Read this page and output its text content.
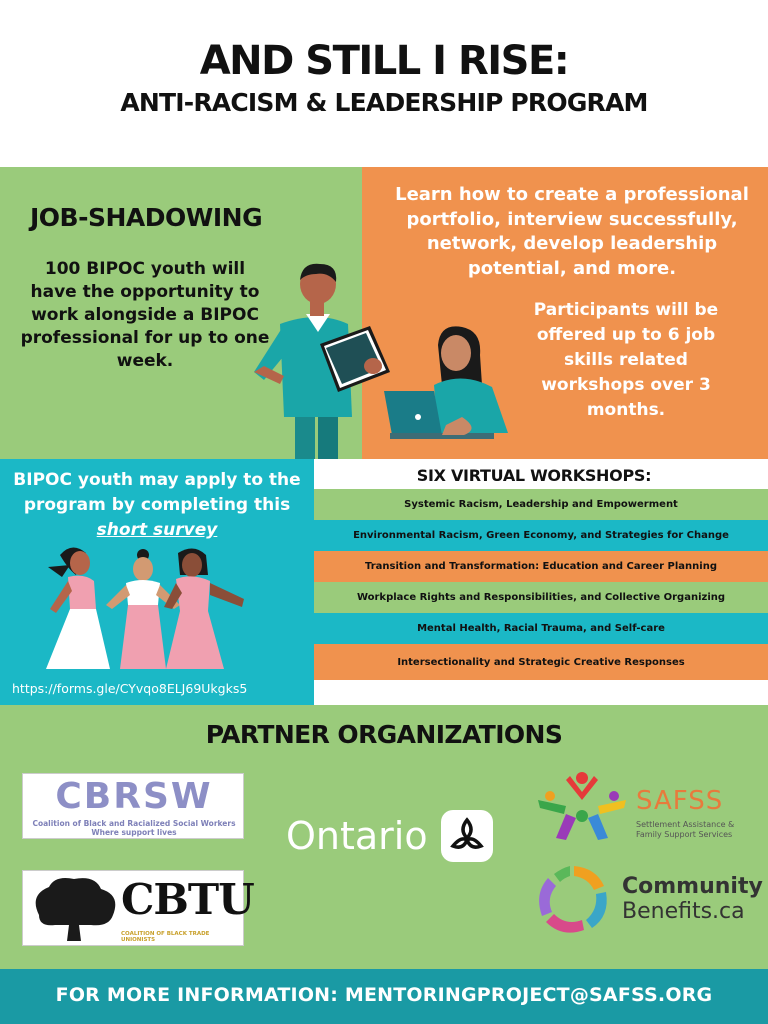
AND STILL I RISE:
ANTI-RACISM & LEADERSHIP PROGRAM
JOB-SHADOWING
100 BIPOC youth will have the opportunity to work alongside a BIPOC professional for up to one week.
Learn how to create a professional portfolio, interview successfully, network, develop leadership potential, and more.
Participants will be offered up to 6 job skills related workshops over 3 months.
BIPOC youth may apply to the program by completing this short survey
https://forms.gle/CYvqo8ELJ69Ukgks5
SIX VIRTUAL WORKSHOPS:
Systemic Racism, Leadership and Empowerment
Environmental Racism, Green Economy, and Strategies for Change
Transition and Transformation: Education and Career Planning
Workplace Rights and Responsibilities, and Collective Organizing
Mental Health, Racial Trauma, and Self-care
Intersectionality and Strategic Creative Responses
PARTNER ORGANIZATIONS
CBRSW
Coalition of Black and Racialized Social Workers
Where support lives
CBTU
COALITION OF BLACK TRADE UNIONISTS
Ontario
SAFSS
Settlement Assistance &
Family Support Services
Community
Benefits.ca
FOR MORE INFORMATION: MENTORINGPROJECT@SAFSS.ORG
